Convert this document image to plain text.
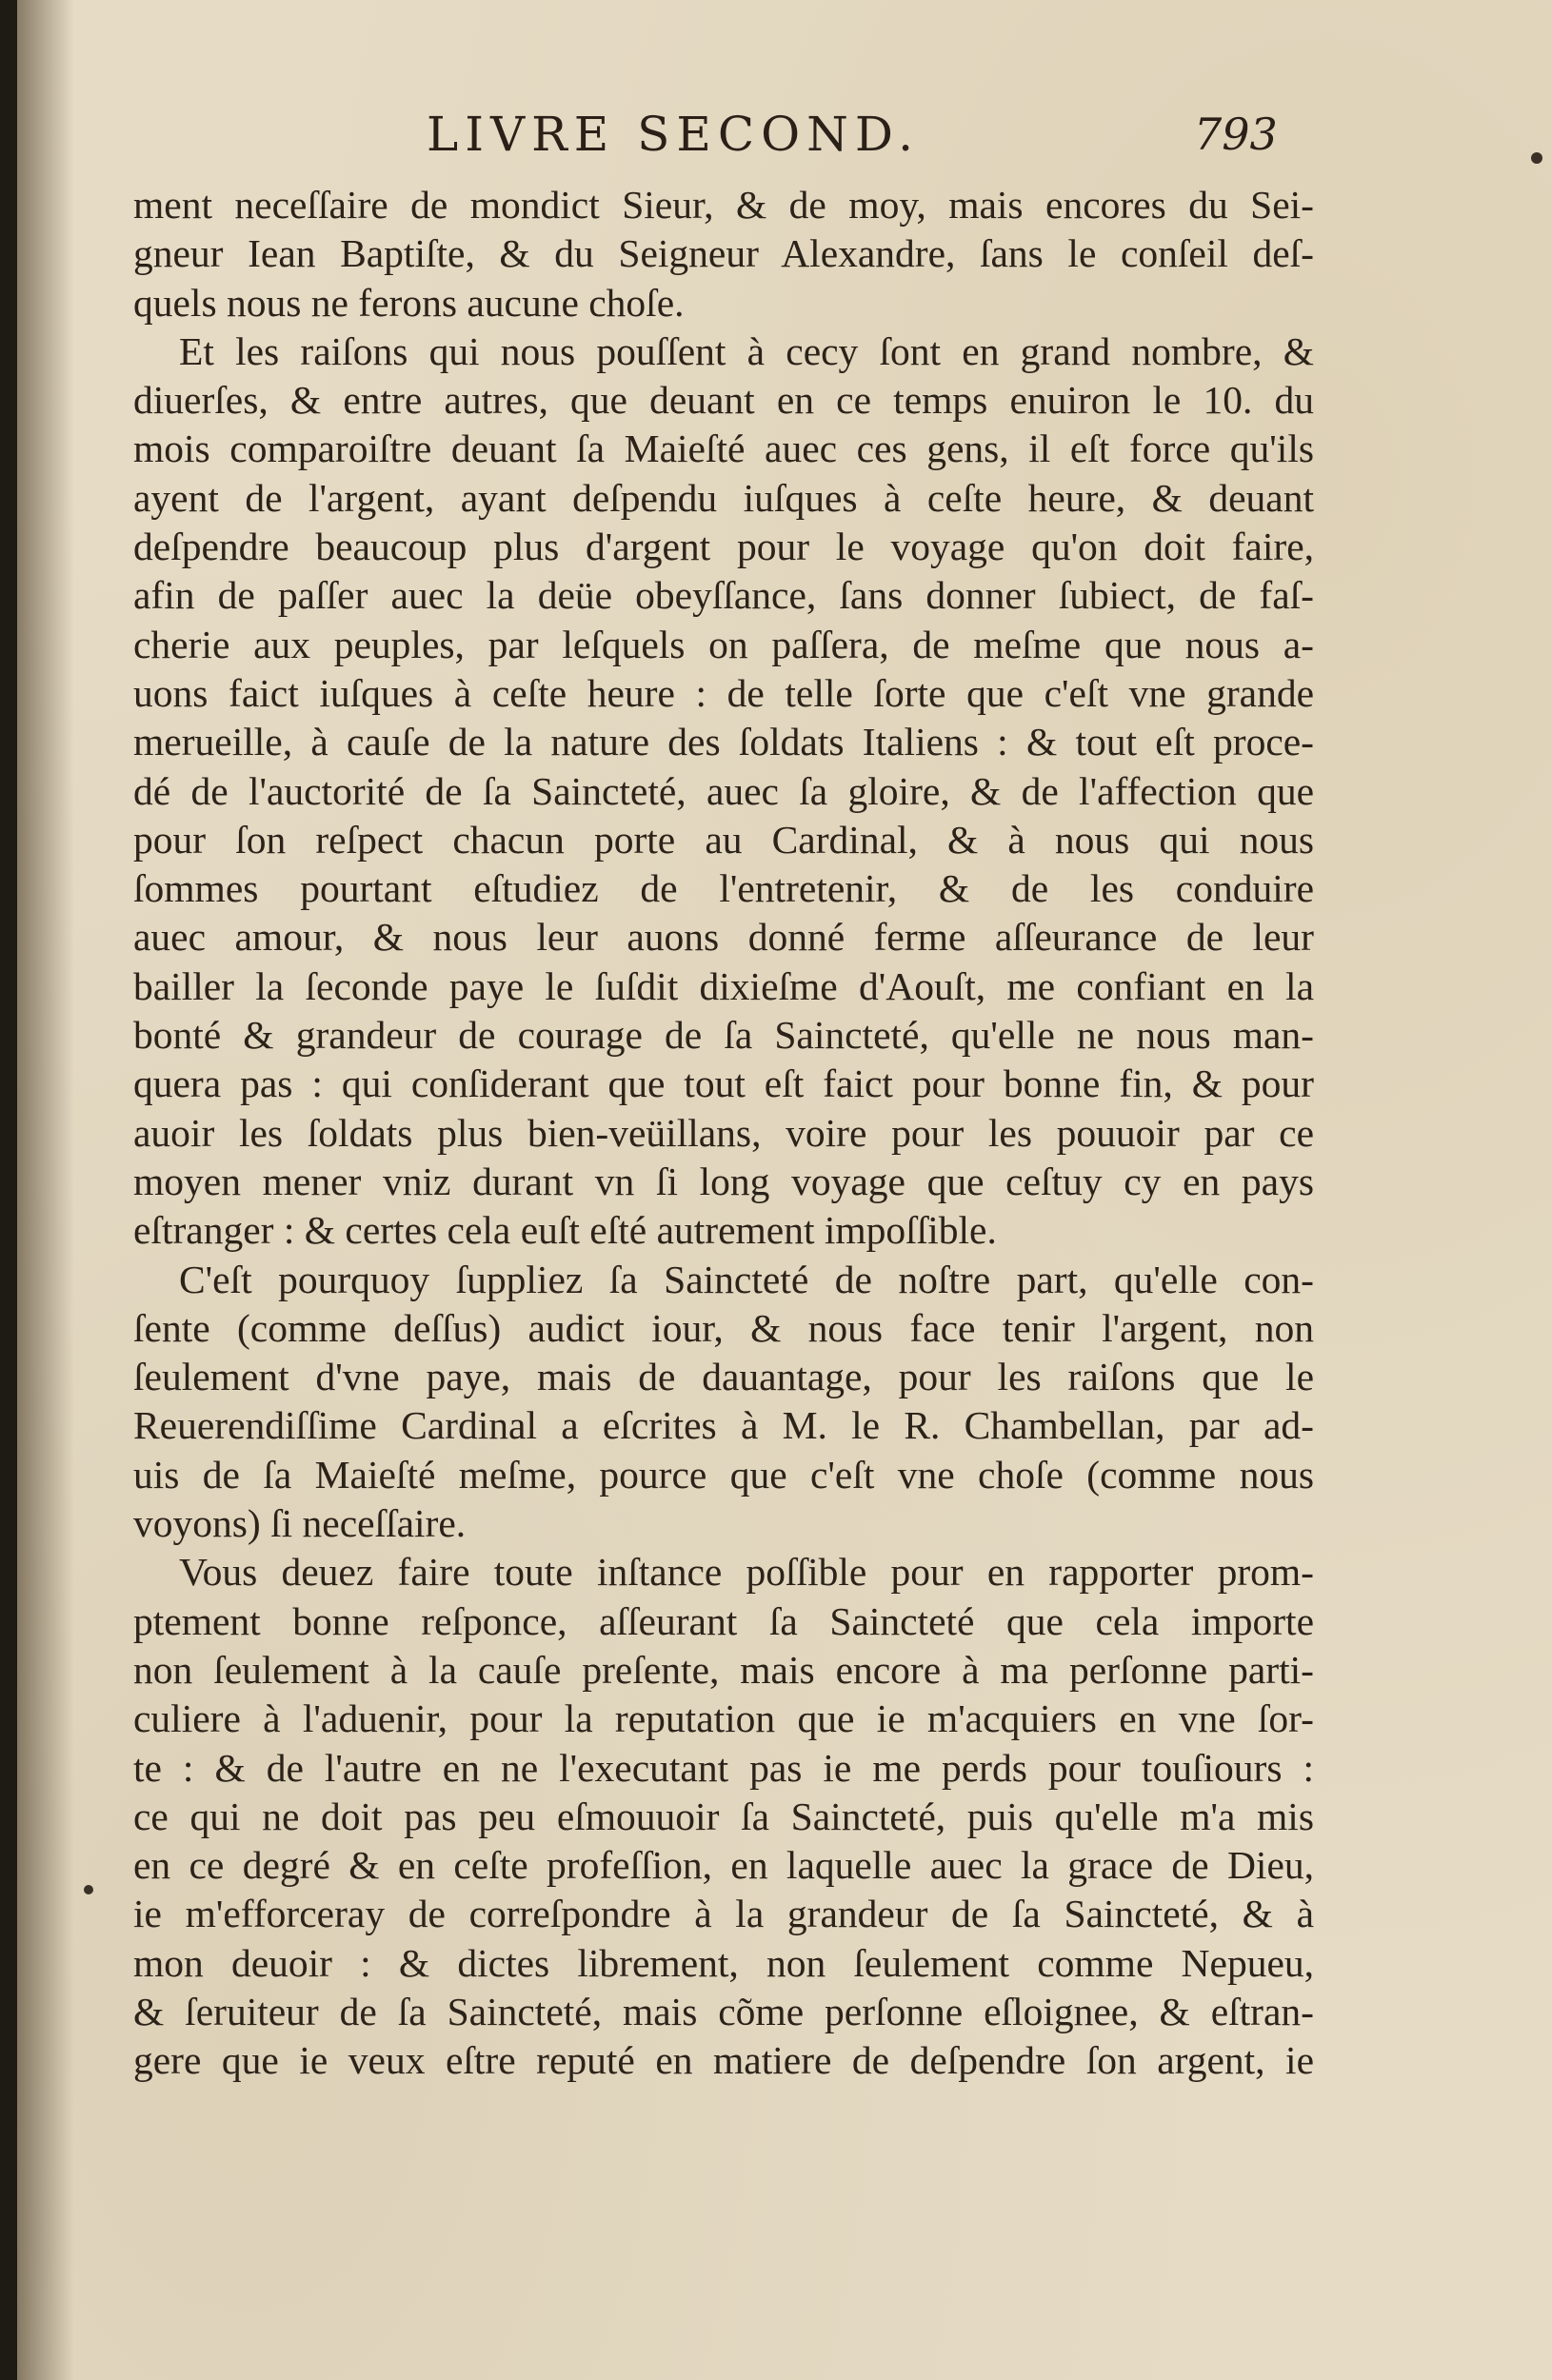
LIVRE SECOND.	793
ment neceſſaire de mondict Sieur, & de moy, mais encores du Sei-
gneur Iean Baptiſte, & du Seigneur Alexandre, ſans le conſeil deſ-
quels nous ne ferons aucune choſe.
Et les raiſons qui nous pouſſent à cecy ſont en grand nombre, &
diuerſes, & entre autres, que deuant en ce temps enuiron le 10. du
mois comparoiſtre deuant ſa Maieſté auec ces gens, il eſt force qu'ils
ayent de l'argent, ayant deſpendu iuſques à ceſte heure, & deuant
deſpendre beaucoup plus d'argent pour le voyage qu'on doit faire,
afin de paſſer auec la deüe obeyſſance, ſans donner ſubiect, de faſ-
cherie aux peuples, par leſquels on paſſera, de meſme que nous a-
uons faict iuſques à ceſte heure : de telle ſorte que c'eſt vne grande
merueille, à cauſe de la nature des ſoldats Italiens : & tout eſt proce-
dé de l'auctorité de ſa Saincteté, auec ſa gloire, & de l'affection que
pour ſon reſpect chacun porte au Cardinal, & à nous qui nous
ſommes pourtant eſtudiez de l'entretenir, & de les conduire
auec amour, & nous leur auons donné ferme aſſeurance de leur
bailler la ſeconde paye le ſuſdit dixieſme d'Aouſt, me confiant en la
bonté & grandeur de courage de ſa Saincteté, qu'elle ne nous man-
quera pas : qui conſiderant que tout eſt faict pour bonne fin, & pour
auoir les ſoldats plus bien-veüillans, voire pour les pouuoir par ce
moyen mener vniz durant vn ſi long voyage que ceſtuy cy en pays
eſtranger : & certes cela euſt eſté autrement impoſſible.
C'eſt pourquoy ſuppliez ſa Saincteté de noſtre part, qu'elle con-
ſente (comme deſſus) audict iour, & nous face tenir l'argent, non
ſeulement d'vne paye, mais de dauantage, pour les raiſons que le
Reuerendiſſime Cardinal a eſcrites à M. le R. Chambellan, par ad-
uis de ſa Maieſté meſme, pource que c'eſt vne choſe (comme nous
voyons) ſi neceſſaire.
Vous deuez faire toute inſtance poſſible pour en rapporter prom-
ptement bonne reſponce, aſſeurant ſa Saincteté que cela importe
non ſeulement à la cauſe preſente, mais encore à ma perſonne parti-
culiere à l'aduenir, pour la reputation que ie m'acquiers en vne ſor-
te : & de l'autre en ne l'executant pas ie me perds pour touſiours :
ce qui ne doit pas peu eſmouuoir ſa Saincteté, puis qu'elle m'a mis
en ce degré & en ceſte profeſſion, en laquelle auec la grace de Dieu,
ie m'efforceray de correſpondre à la grandeur de ſa Saincteté, & à
mon deuoir : & dictes librement, non ſeulement comme Nepueu,
& ſeruiteur de ſa Saincteté, mais cõme perſonne eſloignee, & eſtran-
gere que ie veux eſtre reputé en matiere de deſpendre ſon argent, ie
